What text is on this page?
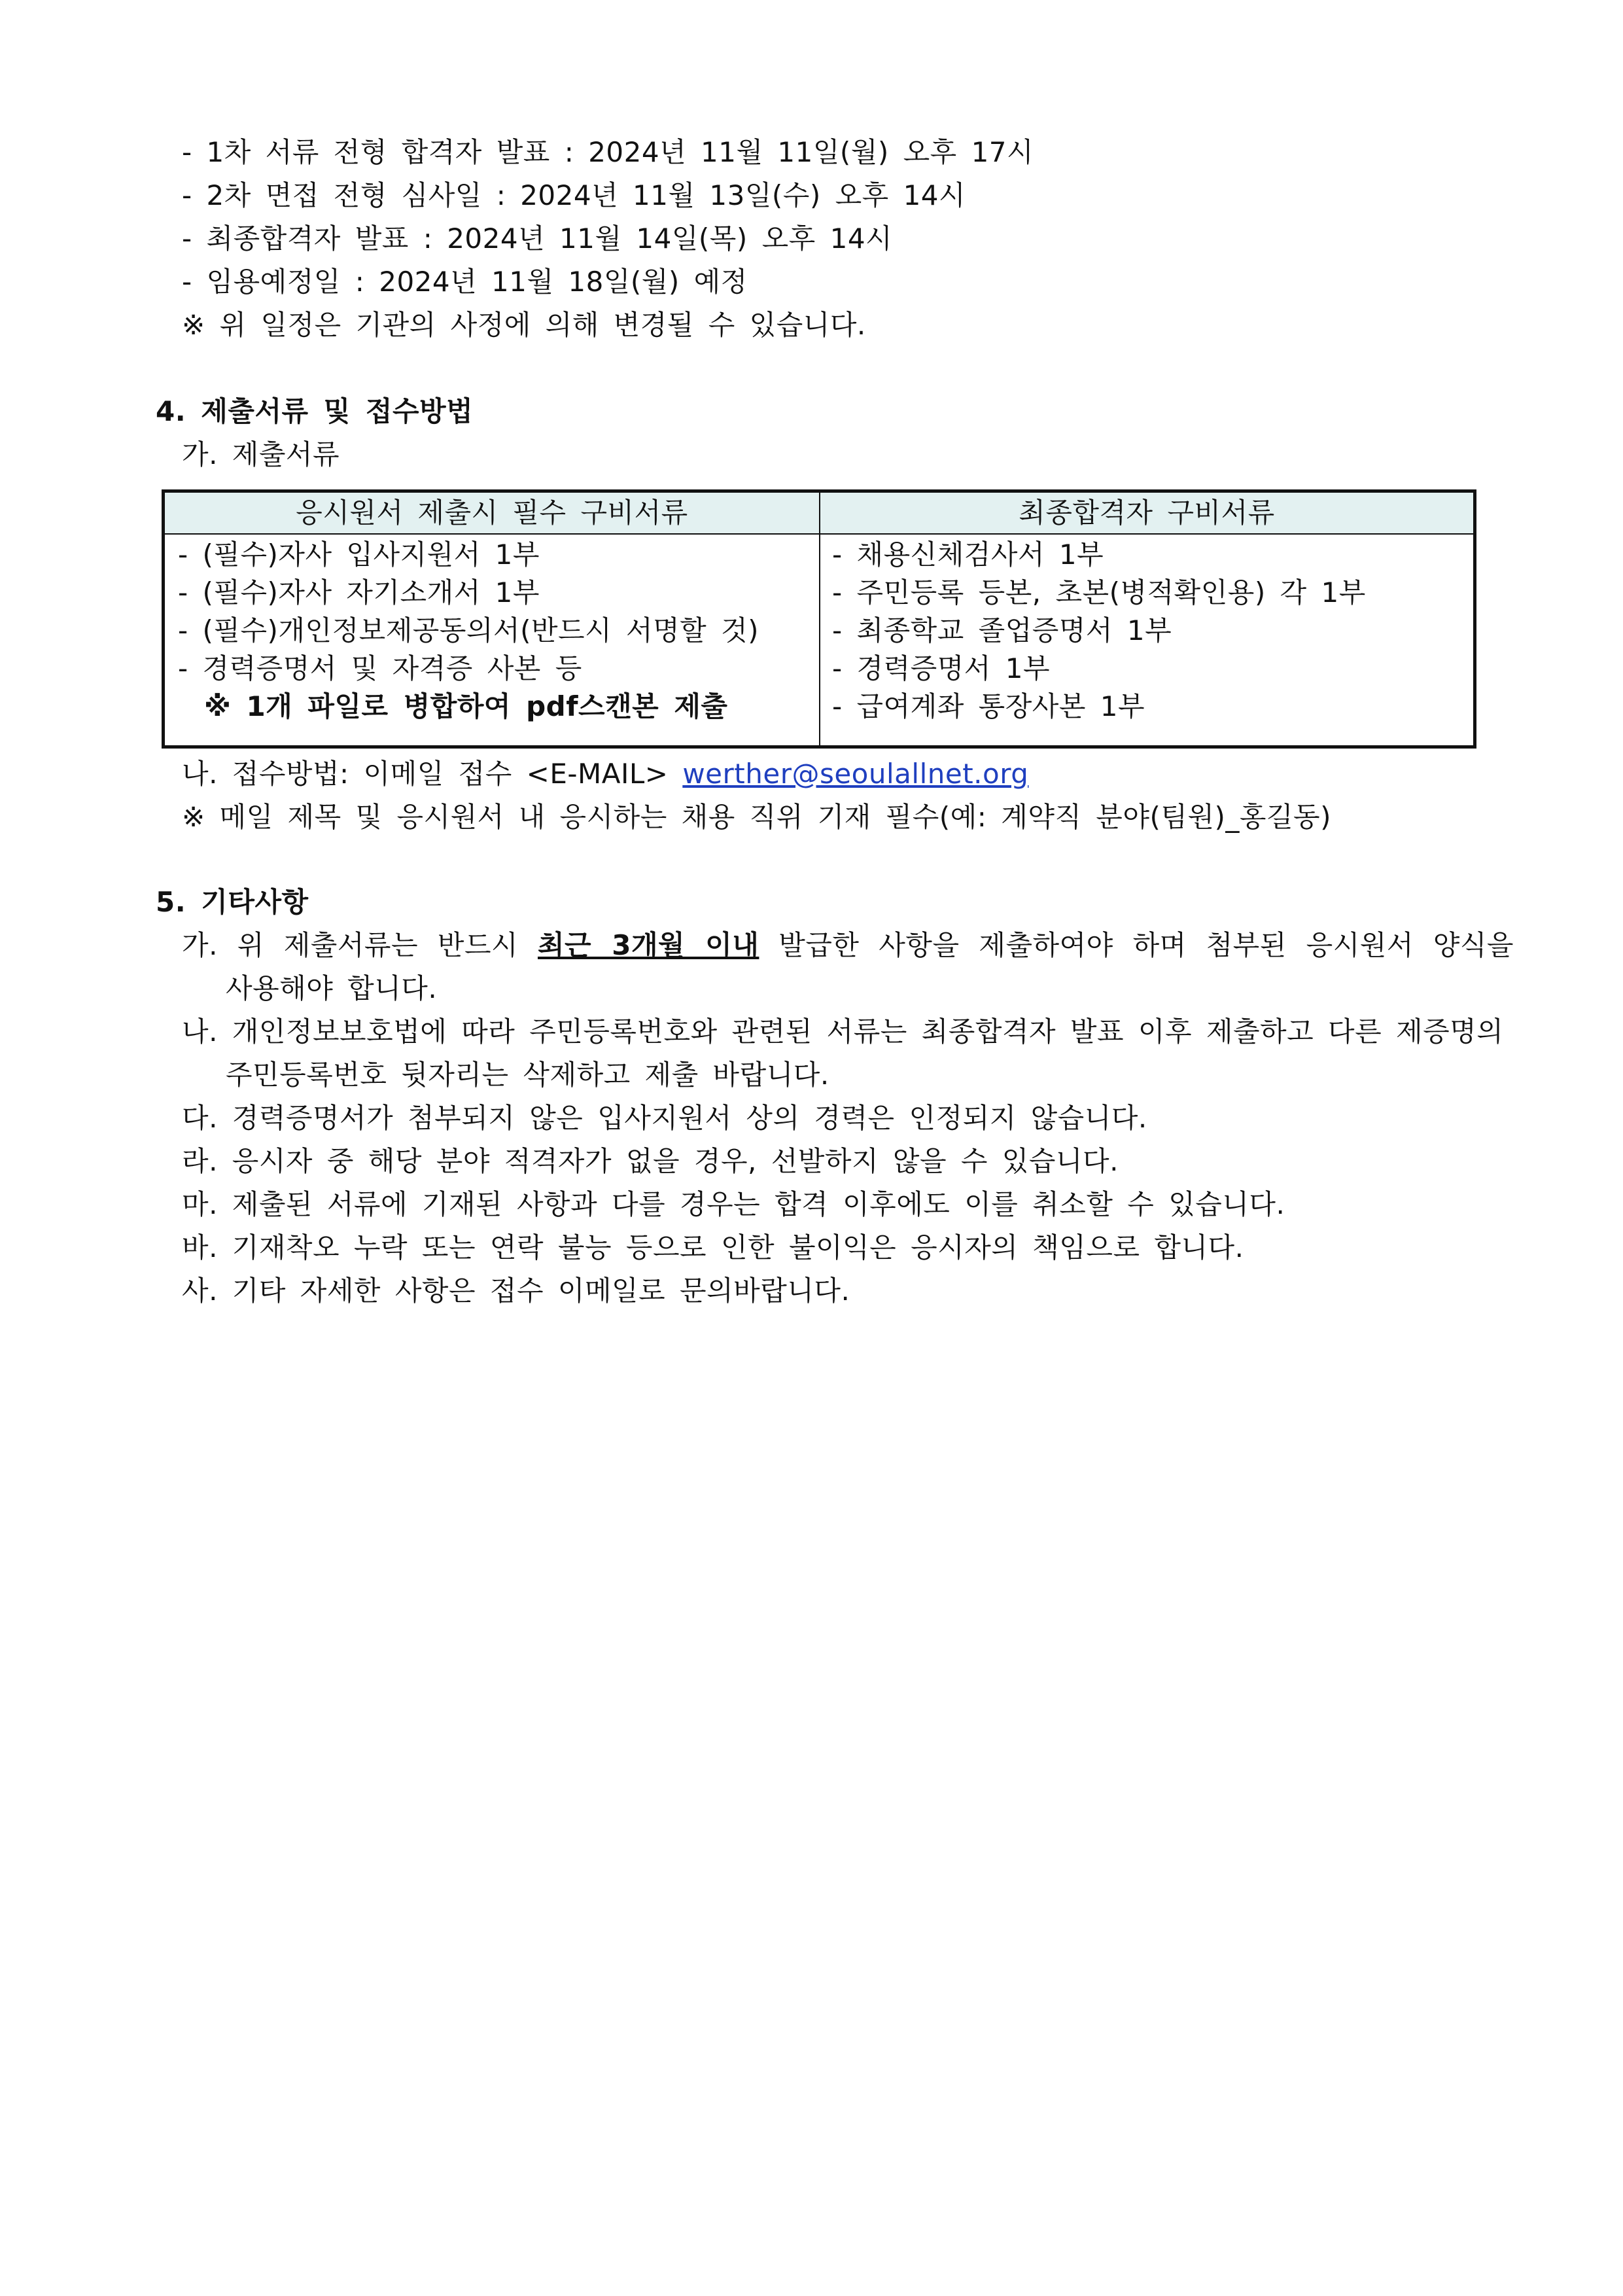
- 1차 서류 전형 합격자 발표 : 2024년 11월 11일(월) 오후 17시
- 2차 면접 전형 심사일 : 2024년 11월 13일(수) 오후 14시
- 최종합격자 발표 : 2024년 11월 14일(목) 오후 14시
- 임용예정일 : 2024년 11월 18일(월) 예정
※ 위 일정은 기관의 사정에 의해 변경될 수 있습니다.
4. 제출서류 및 접수방법
가. 제출서류
응시원서 제출시 필수 구비서류	최종합격자 구비서류
- (필수)자사 입사지원서 1부
- (필수)자사 자기소개서 1부
- (필수)개인정보제공동의서(반드시 서명할 것)
- 경력증명서 및 자격증 사본 등
※ 1개 파일로 병합하여 pdf스캔본 제출
- 채용신체검사서 1부
- 주민등록 등본, 초본(병적확인용) 각 1부
- 최종학교 졸업증명서 1부
- 경력증명서 1부
- 급여계좌 통장사본 1부
나. 접수방법: 이메일 접수 <E-MAIL> werther@seoulallnet.org
※ 메일 제목 및 응시원서 내 응시하는 채용 직위 기재 필수(예: 계약직 분야(팀원)_홍길동)
5. 기타사항
가. 위 제출서류는 반드시 최근 3개월 이내 발급한 사항을 제출하여야 하며 첨부된 응시원서 양식을
사용해야 합니다.
나. 개인정보보호법에 따라 주민등록번호와 관련된 서류는 최종합격자 발표 이후 제출하고 다른 제증명의
주민등록번호 뒷자리는 삭제하고 제출 바랍니다.
다. 경력증명서가 첨부되지 않은 입사지원서 상의 경력은 인정되지 않습니다.
라. 응시자 중 해당 분야 적격자가 없을 경우, 선발하지 않을 수 있습니다.
마. 제출된 서류에 기재된 사항과 다를 경우는 합격 이후에도 이를 취소할 수 있습니다.
바. 기재착오 누락 또는 연락 불능 등으로 인한 불이익은 응시자의 책임으로 합니다.
사. 기타 자세한 사항은 접수 이메일로 문의바랍니다.
